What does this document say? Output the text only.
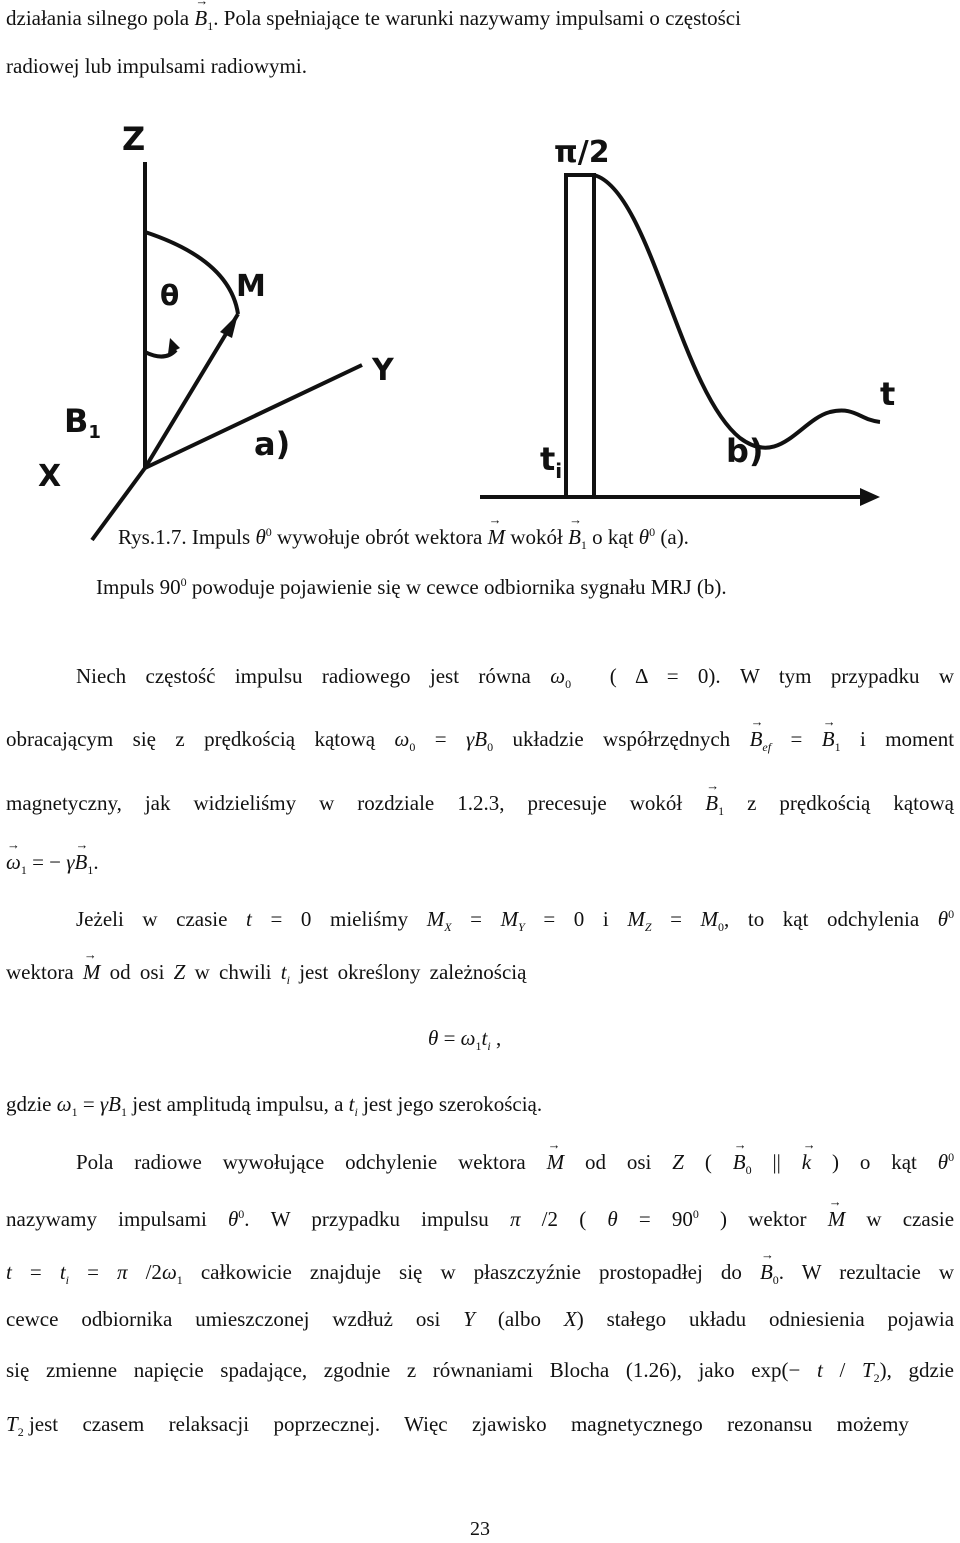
działania silnego pola → $B_1$. Pola spełniające te warunki nazywamy impulsami o częstości
radiowej lub impulsami radiowymi.
Z
M
θ
Y
B1
X
a)
π/2
t
$t_i$
b)
Rys.1.7. Impuls $\theta^0$ wywołuje obrót wektora → M wokół → $B_1$ o kąt $\theta^0$ (a).
Impuls $90^0$ powoduje pojawienie się w cewce odbiornika sygnału MRJ (b).
Niech częstość impulsu radiowego jest równa $\omega_0$  ( Δ = 0). W tym przypadku w
obracającym się z prędkością kątową $\omega_0 = \gamma B_0$ układzie współrzędnych → $B_{ef}$ = → $B_1$ i moment
magnetyczny, jak widzieliśmy w rozdziale 1.2.3, precesuje wokół → $B_1$ z prędkością kątową
→ $\omega_1$ = − $\gamma\to B_1$.
Jeżeli w czasie t = 0 mieliśmy $M_X = M_Y = 0$ i $M_Z = M_0$, to kąt odchylenia $\theta^0$
wektora → M od osi Z w chwili $t_i$ jest określony zależnością
$\theta = \omega_1t_i$ ,
gdzie $\omega_1 = \gamma B_1$ jest amplitudą impulsu, a $t_i$ jest jego szerokością.
Pola radiowe wywołujące odchylenie wektora → M od osi Z ( → $B_0$ || → k ) o kąt $\theta^0$
nazywamy impulsami $\theta^0$. W przypadku impulsu π /2 ( $\theta = 90^0$ ) wektor → M w czasie
$t = t_i = \pi$ $/2\omega_1$ całkowicie znajduje się w płaszczyźnie prostopadłej do → $B_0$. W rezultacie w
cewce odbiornika umieszczonej wzdłuż osi Y (albo X) stałego układu odniesienia pojawia
się zmienne napięcie spadające, zgodnie z równaniami Blocha (1.26), jako $\exp(- t / T_2)$, gdzie
$T_2$ jest czasem relaksacji poprzecznej. Więc zjawisko magnetycznego rezonansu możemy
23
